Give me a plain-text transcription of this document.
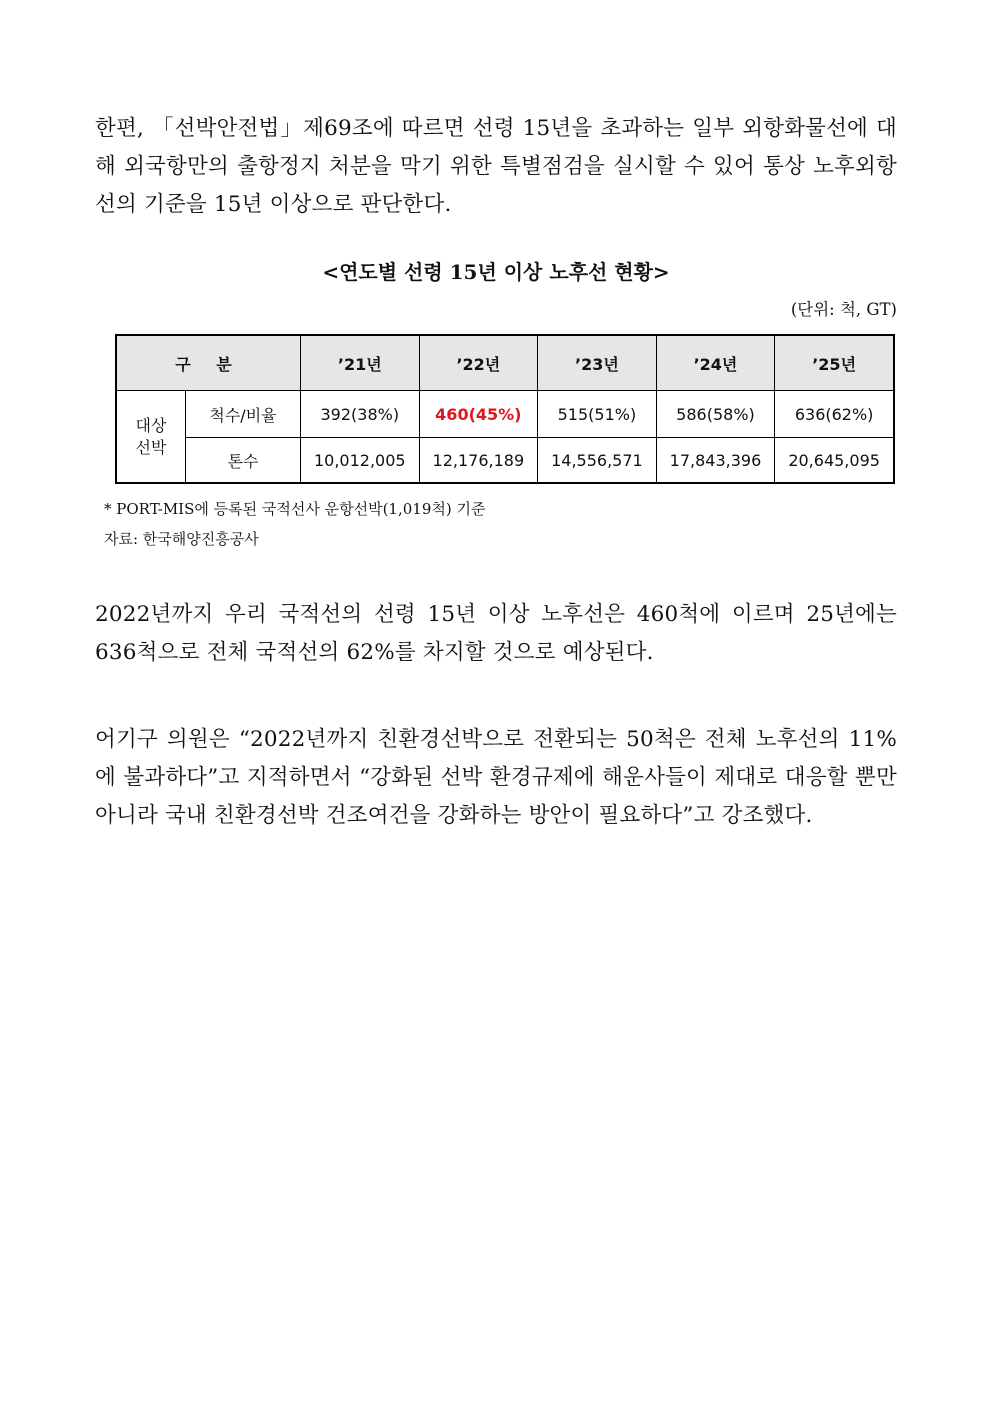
한편, 「선박안전법」제69조에 따르면 선령 15년을 초과하는 일부 외항화물선에 대해 외국항만의 출항정지 처분을 막기 위한 특별점검을 실시할 수 있어 통상 노후외항선의 기준을 15년 이상으로 판단한다.

<연도별 선령 15년 이상 노후선 현황>

(단위: 척, GT)
구 분		’21년	’22년	’23년	’24년	’25년
대상
선박	척수/비율	392(38%)	460(45%)	515(51%)	586(58%)	636(62%)
	톤수	10,012,005	12,176,189	14,556,571	17,843,396	20,645,095

* PORT-MIS에 등록된 국적선사 운항선박(1,019척) 기준

자료: 한국해양진흥공사

2022년까지 우리 국적선의 선령 15년 이상 노후선은 460척에 이르며 25년에는 636척으로 전체 국적선의 62%를 차지할 것으로 예상된다.

어기구 의원은 “2022년까지 친환경선박으로 전환되는 50척은 전체 노후선의 11%에 불과하다”고 지적하면서 “강화된 선박 환경규제에 해운사들이 제대로 대응할 뿐만 아니라 국내 친환경선박 건조여건을 강화하는 방안이 필요하다”고 강조했다.
